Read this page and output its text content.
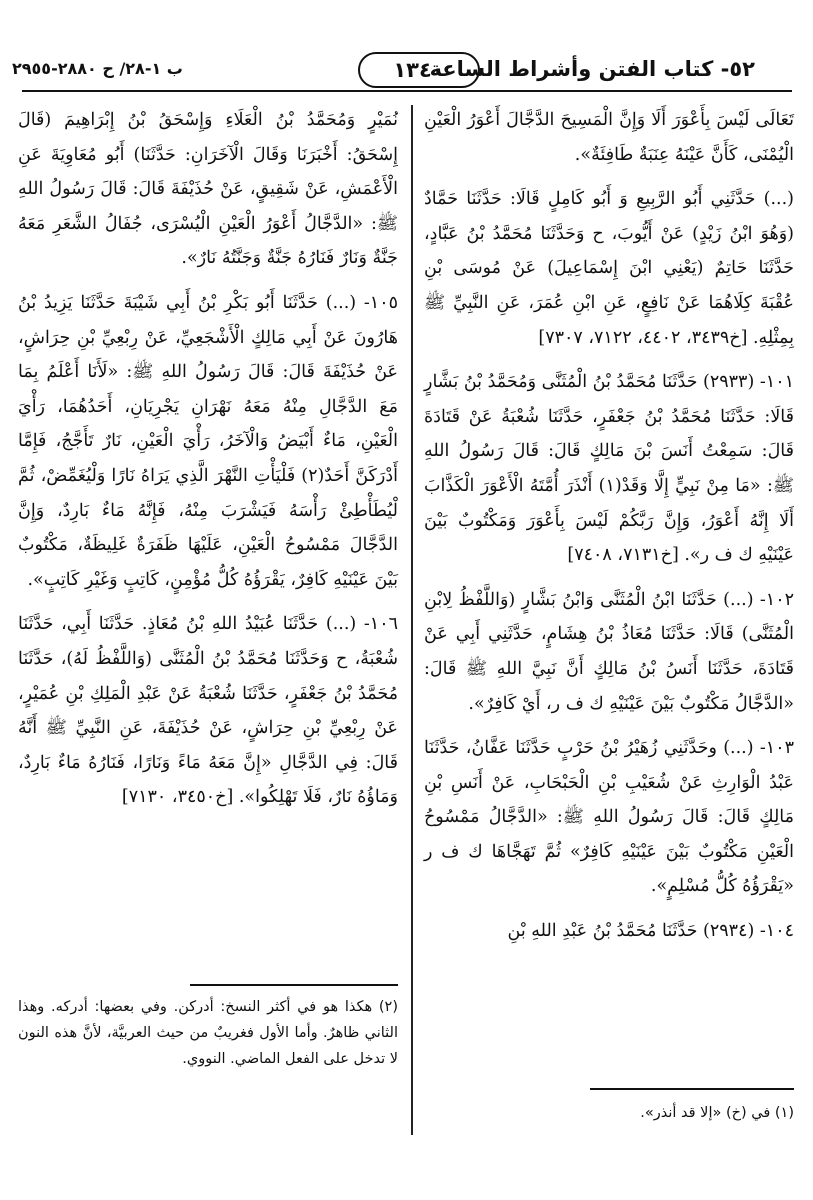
٥٢- كتاب الفتن وأشراط الساعة
١٣٤٠
ب ١-٢٨/ ح ٢٨٨٠-٢٩٥٥

تَعَالَى لَيْسَ بِأَعْوَرَ أَلَا وَإِنَّ الْمَسِيحَ الدَّجَّالَ أَعْوَرُ الْعَيْنِ الْيُمْنَى، كَأَنَّ عَيْنَهُ عِنَبَةٌ طَافِئَةٌ».

(...) حَدَّثَنِي أَبُو الرَّبِيعِ وَ أَبُو كَامِلٍ قَالَا: حَدَّثَنَا حَمَّادٌ (وَهُوَ ابْنُ زَيْدٍ) عَنْ أَيُّوبَ، ح وَحَدَّثَنَا مُحَمَّدُ بْنُ عَبَّادٍ، حَدَّثَنَا حَاتِمٌ (يَعْنِي ابْنَ إِسْمَاعِيلَ) عَنْ مُوسَى بْنِ عُقْبَةَ كِلَاهُمَا عَنْ نَافِعٍ، عَنِ ابْنِ عُمَرَ، عَنِ النَّبِيِّ ﷺ بِمِثْلِهِ. [خ٣٤٣٩، ٤٤٠٢، ٧١٢٢، ٧٣٠٧]

١٠١- (٢٩٣٣) حَدَّثَنَا مُحَمَّدُ بْنُ الْمُثَنَّى وَمُحَمَّدُ بْنُ بَشَّارٍ قَالَا: حَدَّثَنَا مُحَمَّدُ بْنُ جَعْفَرٍ، حَدَّثَنَا شُعْبَةُ عَنْ قَتَادَةَ قَالَ: سَمِعْتُ أَنَسَ بْنَ مَالِكٍ قَالَ: قَالَ رَسُولُ اللهِ ﷺ: «مَا مِنْ نَبِيٍّ إِلَّا وَقَدْ(١) أَنْذَرَ أُمَّتَهُ الْأَعْوَرَ الْكَذَّابَ أَلَا إِنَّهُ أَعْوَرُ، وَإِنَّ رَبَّكُمْ لَيْسَ بِأَعْوَرَ وَمَكْتُوبٌ بَيْنَ عَيْنَيْهِ ك ف ر». [خ٧١٣١، ٧٤٠٨]

١٠٢- (...) حَدَّثَنَا ابْنُ الْمُثَنَّى وَابْنُ بَشَّارٍ (وَاللَّفْظُ لِابْنِ الْمُثَنَّى) قَالَا: حَدَّثَنَا مُعَاذُ بْنُ هِشَامٍ، حَدَّثَنِي أَبِي عَنْ قَتَادَةَ، حَدَّثَنَا أَنَسُ بْنُ مَالِكٍ أَنَّ نَبِيَّ اللهِ ﷺ قَالَ: «الدَّجَّالُ مَكْتُوبٌ بَيْنَ عَيْنَيْهِ ك ف ر، أَيْ كَافِرٌ».

١٠٣- (...) وحَدَّثَنِي زُهَيْرُ بْنُ حَرْبٍ حَدَّثَنَا عَفَّانُ، حَدَّثَنَا عَبْدُ الْوَارِثِ عَنْ شُعَيْبِ بْنِ الْحَبْحَابِ، عَنْ أَنَسِ بْنِ مَالِكٍ قَالَ: قَالَ رَسُولُ اللهِ ﷺ: «الدَّجَّالُ مَمْسُوحُ الْعَيْنِ مَكْتُوبٌ بَيْنَ عَيْنَيْهِ كَافِرٌ» ثُمَّ تَهَجَّاهَا ك ف ر «يَقْرَؤُهُ كُلُّ مُسْلِمٍ».

١٠٤- (٢٩٣٤) حَدَّثَنَا مُحَمَّدُ بْنُ عَبْدِ اللهِ بْنِ

نُمَيْرٍ وَمُحَمَّدُ بْنُ الْعَلَاءِ وَإِسْحَقُ بْنُ إِبْرَاهِيمَ (قَالَ إِسْحَقُ: أَخْبَرَنَا وَقَالَ الْآخَرَانِ: حَدَّثَنَا) أَبُو مُعَاوِيَةَ عَنِ الْأَعْمَشِ، عَنْ شَقِيقٍ، عَنْ حُذَيْفَةَ قَالَ: قَالَ رَسُولُ اللهِ ﷺ: «الدَّجَّالُ أَعْوَرُ الْعَيْنِ الْيُسْرَى، جُفَالُ الشَّعَرِ مَعَهُ جَنَّةٌ وَنَارٌ فَنَارُهُ جَنَّةٌ وَجَنَّتُهُ نَارٌ».

١٠٥- (...) حَدَّثَنَا أَبُو بَكْرِ بْنُ أَبِي شَيْبَةَ حَدَّثَنَا يَزِيدُ بْنُ هَارُونَ عَنْ أَبِي مَالِكٍ الْأَشْجَعِيِّ، عَنْ رِبْعِيِّ بْنِ حِرَاشٍ، عَنْ حُذَيْفَةَ قَالَ: قَالَ رَسُولُ اللهِ ﷺ: «لَأَنَا أَعْلَمُ بِمَا مَعَ الدَّجَّالِ مِنْهُ مَعَهُ نَهْرَانِ يَجْرِيَانِ، أَحَدُهُمَا، رَأْيَ الْعَيْنِ، مَاءٌ أَبْيَضُ وَالْآخَرُ، رَأْيَ الْعَيْنِ، نَارٌ تَأَجَّجُ، فَإِمَّا أَدْرَكَنَّ أَحَدٌ(٢) فَلْيَأْتِ النَّهْرَ الَّذِي يَرَاهُ نَارًا وَلْيُغَمِّضْ، ثُمَّ لْيُطَأْطِئْ رَأْسَهُ فَيَشْرَبَ مِنْهُ، فَإِنَّهُ مَاءٌ بَارِدٌ، وَإِنَّ الدَّجَّالَ مَمْسُوحُ الْعَيْنِ، عَلَيْهَا ظَفَرَةٌ غَلِيظَةٌ، مَكْتُوبٌ بَيْنَ عَيْنَيْهِ كَافِرٌ، يَقْرَؤُهُ كُلُّ مُؤْمِنٍ، كَاتِبٍ وَغَيْرِ كَاتِبٍ».

١٠٦- (...) حَدَّثَنَا عُبَيْدُ اللهِ بْنُ مُعَاذٍ. حَدَّثَنَا أَبِي، حَدَّثَنَا شُعْبَةُ، ح وَحَدَّثَنَا مُحَمَّدُ بْنُ الْمُثَنَّى (وَاللَّفْظُ لَهُ)، حَدَّثَنَا مُحَمَّدُ بْنُ جَعْفَرٍ، حَدَّثَنَا شُعْبَةُ عَنْ عَبْدِ الْمَلِكِ بْنِ عُمَيْرٍ، عَنْ رِبْعِيِّ بْنِ حِرَاشٍ، عَنْ حُذَيْفَةَ، عَنِ النَّبِيِّ ﷺ أَنَّهُ قَالَ: فِي الدَّجَّالِ «إِنَّ مَعَهُ مَاءً وَنَارًا، فَنَارُهُ مَاءٌ بَارِدٌ، وَمَاؤُهُ نَارٌ، فَلَا تَهْلِكُوا». [خ٣٤٥٠، ٧١٣٠]

(١) في (خ) «إلا قد أنذر».
(٢) هكذا هو في أكثر النسخ: أدركن. وفي بعضها: أدركه. وهذا الثاني ظاهرٌ. وأما الأول فغريبٌ من حيث العربيَّة، لأنَّ هذه النون لا تدخل على الفعل الماضي. النووي.
